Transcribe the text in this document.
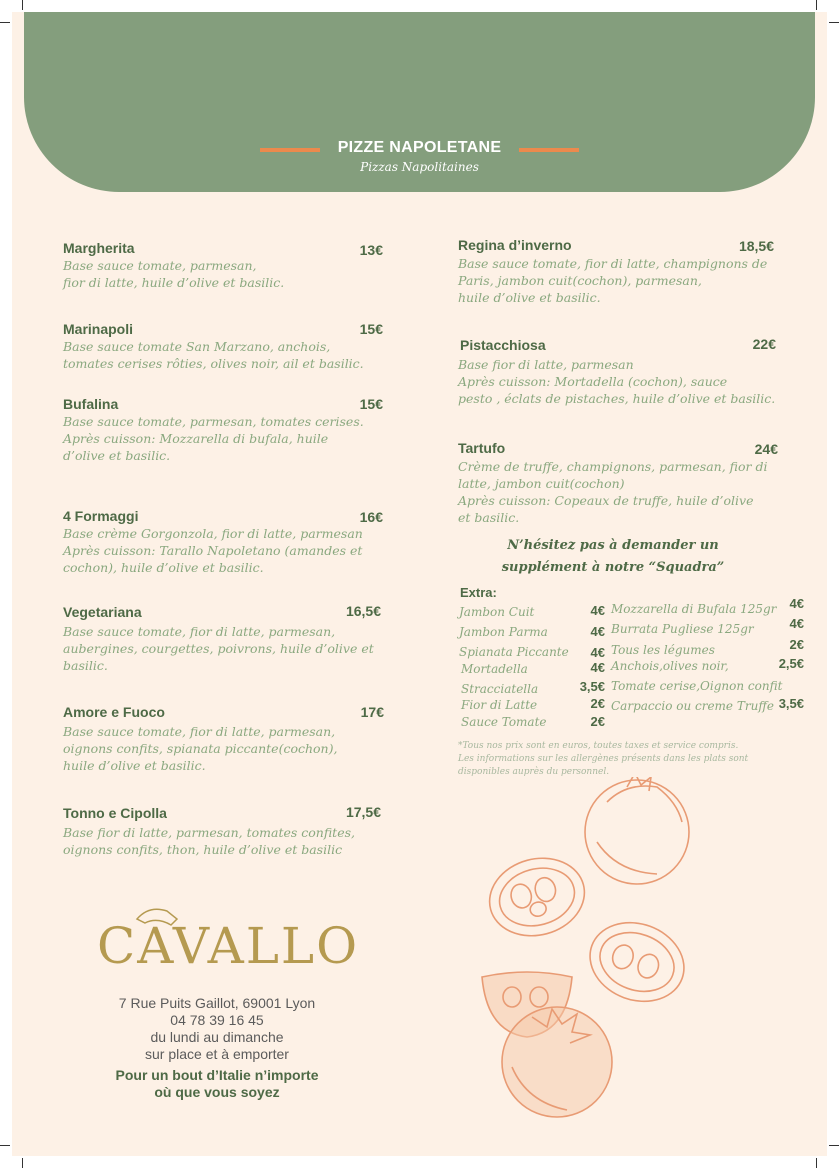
PIZZE NAPOLETANE
Pizzas Napolitaines
Margherita	13€
Base sauce tomate, parmesan,
fior di latte, huile d’olive et basilic.
Marinapoli	15€
Base sauce tomate San Marzano, anchois,
tomates cerises rôties, olives noir, ail et basilic.
Bufalina	15€
Base sauce tomate, parmesan, tomates cerises.
Après cuisson: Mozzarella di bufala, huile
d’olive et basilic.
4 Formaggi	16€
Base crème Gorgonzola, fior di latte, parmesan
Après cuisson: Tarallo Napoletano (amandes et
cochon), huile d’olive et basilic.
Vegetariana	16,5€
Base sauce tomate, fior di latte, parmesan,
aubergines, courgettes, poivrons, huile d’olive et
basilic.
Amore e Fuoco	17€
Base sauce tomate, fior di latte, parmesan,
oignons confits, spianata piccante(cochon),
huile d’olive et basilic.
Tonno e Cipolla	17,5€
Base fior di latte, parmesan, tomates confites,
oignons confits, thon, huile d’olive et basilic
Regina d’inverno	18,5€
Base sauce tomate, fior di latte, champignons de
Paris, jambon cuit(cochon), parmesan,
huile d’olive et basilic.
Pistacchiosa	22€
Base fior di latte, parmesan
Après cuisson: Mortadella (cochon), sauce
pesto , éclats de pistaches, huile d’olive et basilic.
Tartufo	24€
Crème de truffe, champignons, parmesan, fior di
latte, jambon cuit(cochon)
Après cuisson: Copeaux de truffe, huile d’olive
et basilic.
N’hésitez pas à demander un
supplément à notre “Squadra”
Extra:
Jambon Cuit	4€
Jambon Parma	4€
Spianata Piccante	4€
Mortadella	4€
Stracciatella	3,5€
Fior di Latte	2€
Sauce Tomate	2€
Mozzarella di Bufala 125gr	4€
Burrata Pugliese 125gr	4€
Tous les légumes	2€
Anchois,olives noir,	2,5€
Tomate cerise,Oignon confit
Carpaccio ou creme Truffe 3,5€
*Tous nos prix sont en euros, toutes taxes et service compris.
Les informations sur les allergènes présents dans les plats sont
disponibles auprès du personnel.
CAVALLO
7 Rue Puits Gaillot, 69001 Lyon
04 78 39 16 45
du lundi au dimanche
sur place et à emporter
Pour un bout d’Italie n’importe
où que vous soyez
